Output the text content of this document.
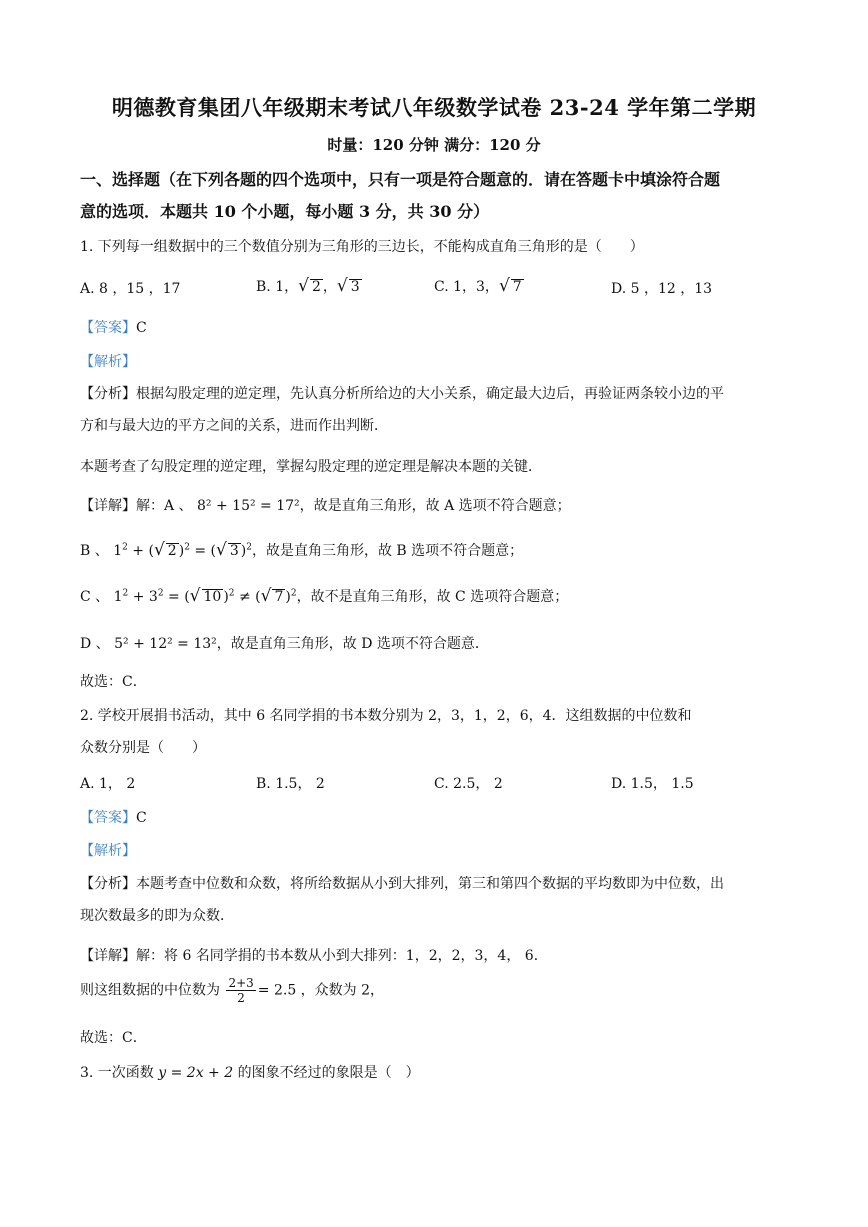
明德教育集团八年级期末考试八年级数学试卷 23-24 学年第二学期
时量：120 分钟 满分：120 分
一、选择题（在下列各题的四个选项中，只有一项是符合题意的．请在答题卡中填涂符合题
意的选项．本题共 10 个小题，每小题 3 分，共 30 分）
1. 下列每一组数据中的三个数值分别为三角形的三边长，不能构成直角三角形的是（　　）
A. 8 ，15 ，17	B. 1，√ 2 ，√ 3	C. 1，3，√ 7	D. 5 ，12 ，13
【答案】C
【解析】
【分析】根据勾股定理的逆定理，先认真分析所给边的大小关系，确定最大边后，再验证两条较小边的平
方和与最大边的平方之间的关系，进而作出判断．
本题考查了勾股定理的逆定理，掌握勾股定理的逆定理是解决本题的关键．
【详解】解：A 、 8² + 15² = 17²，故是直角三角形，故 A 选项不符合题意；
B 、 $1^2$ + (√ 2 )$^2$ = (√ 3 )$^2$，故是直角三角形，故 B 选项不符合题意；
C 、 $1^2 + 3^2$ = (√ 10 )$^2$ ≠ (√ 7 )$^2$，故不是直角三角形，故 C 选项符合题意；
D 、 5² + 12² = 13²，故是直角三角形，故 D 选项不符合题意．
故选：C．
2. 学校开展捐书活动，其中 6 名同学捐的书本数分别为 2，3，1，2，6，4．这组数据的中位数和
众数分别是（　　）
A. 1， 2	B. 1.5， 2	C. 2.5， 2	D. 1.5， 1.5
【答案】C
【解析】
【分析】本题考查中位数和众数，将所给数据从小到大排列，第三和第四个数据的平均数即为中位数，出
现次数最多的即为众数．
【详解】解：将 6 名同学捐的书本数从小到大排列：1，2，2，3，4， 6．
则这组数据的中位数为 $\frac{2+3}{2} = 2.5$ ，众数为 2，
故选：C．
3. 一次函数 y = 2x + 2 的图象不经过的象限是（　）
